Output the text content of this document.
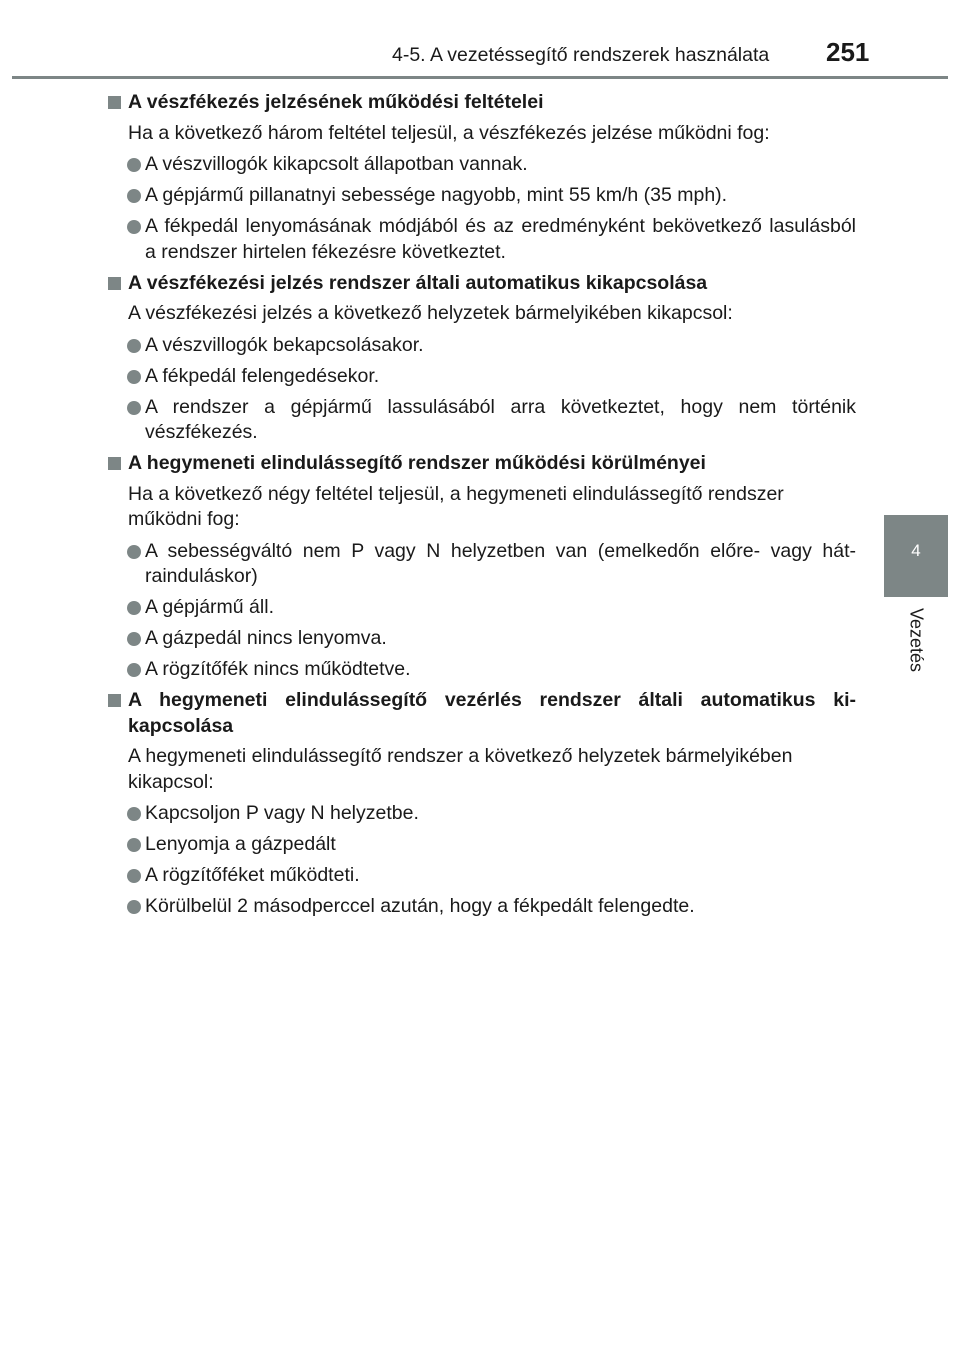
4-5. A vezetéssegítő rendszerek használata	251
4
Vezetés
A vészfékezés jelzésének működési feltételei
Ha a következő három feltétel teljesül, a vészfékezés jelzése működni fog:
A vészvillogók kikapcsolt állapotban vannak.
A gépjármű pillanatnyi sebessége nagyobb, mint 55 km/h (35 mph).
A fékpedál lenyomásának módjából és az eredményként bekövetkező lasulásból a rendszer hirtelen fékezésre következtet.
A vészfékezési jelzés rendszer általi automatikus kikapcsolása
A vészfékezési jelzés a következő helyzetek bármelyikében kikapcsol:
A vészvillogók bekapcsolásakor.
A fékpedál felengedésekor.
A rendszer a gépjármű lassulásából arra következtet, hogy nem történik vészfékezés.
A hegymeneti elindulássegítő rendszer működési körülményei
Ha a következő négy feltétel teljesül, a hegymeneti elindulássegítő rendszer működni fog:
A sebességváltó nem P vagy N helyzetben van (emelkedőn előre- vagy hátrainduláskor)
A gépjármű áll.
A gázpedál nincs lenyomva.
A rögzítőfék nincs működtetve.
A hegymeneti elindulássegítő vezérlés rendszer általi automatikus kikapcsolása
A hegymeneti elindulássegítő rendszer a következő helyzetek bármelyikében kikapcsol:
Kapcsoljon P vagy N helyzetbe.
Lenyomja a gázpedált
A rögzítőféket működteti.
Körülbelül 2 másodperccel azután, hogy a fékpedált felengedte.
